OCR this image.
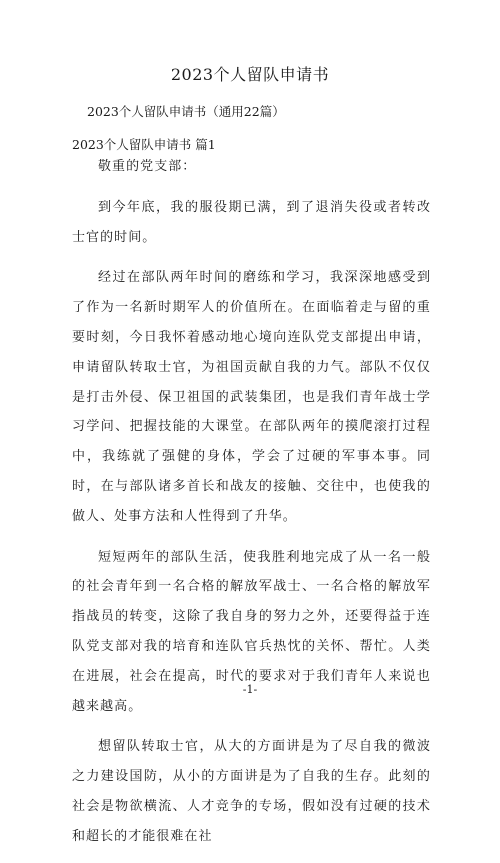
2023个人留队申请书
2023个人留队申请书（通用22篇）
2023个人留队申请书 篇1

敬重的党支部：

到今年底，我的服役期已满，到了退消失役或者转改士官的时间。

经过在部队两年时间的磨练和学习，我深深地感受到了作为一名新时期军人的价值所在。在面临着走与留的重要时刻，今日我怀着感动地心境向连队党支部提出申请，申请留队转取士官，为祖国贡献自我的力气。部队不仅仅是打击外侵、保卫祖国的武装集团，也是我们青年战士学习学问、把握技能的大课堂。在部队两年的摸爬滚打过程中，我练就了强健的身体，学会了过硬的军事本事。同时，在与部队诸多首长和战友的接触、交往中，也使我的做人、处事方法和人性得到了升华。

短短两年的部队生活，使我胜利地完成了从一名一般的社会青年到一名合格的解放军战士、一名合格的解放军指战员的转变，这除了我自身的努力之外，还要得益于连队党支部对我的培育和连队官兵热忱的关怀、帮忙。人类在进展，社会在提高，时代的要求对于我们青年人来说也越来越高。

想留队转取士官，从大的方面讲是为了尽自我的微波之力建设国防，从小的方面讲是为了自我的生存。此刻的社会是物欲横流、人才竞争的专场，假如没有过硬的技术和超长的才能很难在社

-1-
